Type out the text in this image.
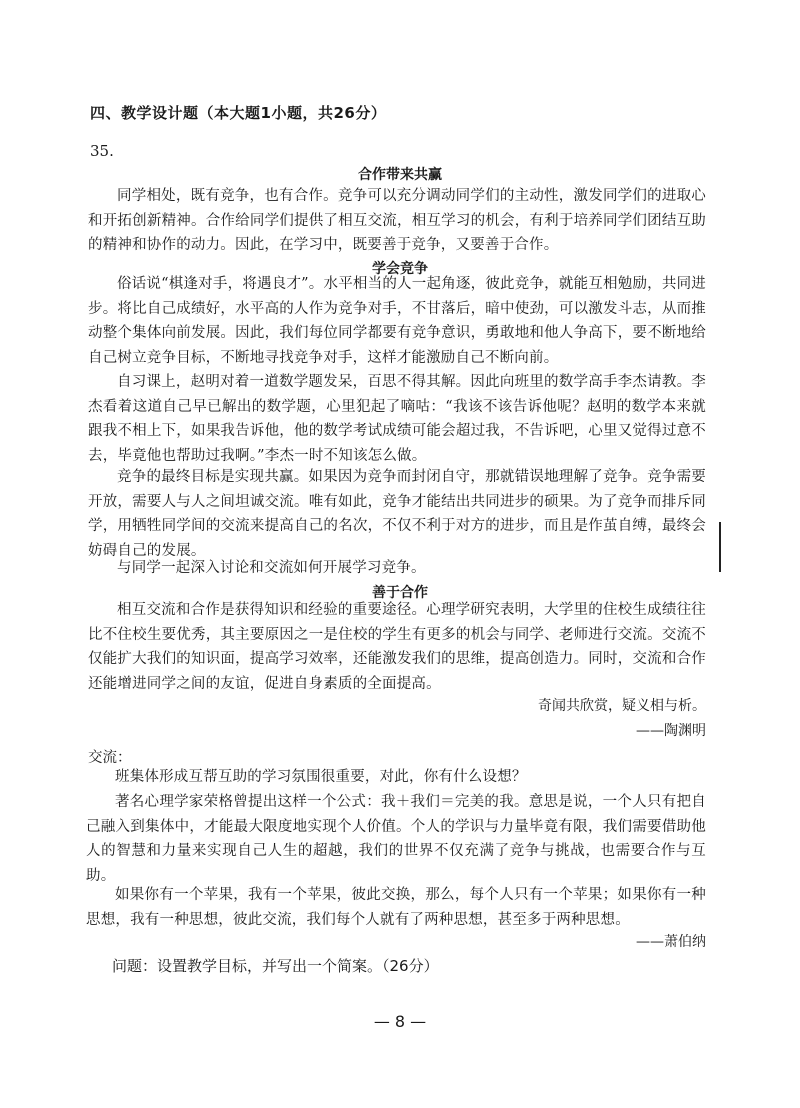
四、教学设计题（本大题1小题，共26分）
35.
合作带来共赢

同学相处，既有竞争，也有合作。竞争可以充分调动同学们的主动性，激发同学们的进取心和开拓创新精神。合作给同学们提供了相互交流，相互学习的机会，有利于培养同学们团结互助的精神和协作的动力。因此，在学习中，既要善于竞争，又要善于合作。

学会竞争

俗话说“棋逢对手，将遇良才”。水平相当的人一起角逐，彼此竞争，就能互相勉励，共同进步。将比自己成绩好，水平高的人作为竞争对手，不甘落后，暗中使劲，可以激发斗志，从而推动整个集体向前发展。因此，我们每位同学都要有竞争意识，勇敢地和他人争高下，要不断地给自己树立竞争目标，不断地寻找竞争对手，这样才能激励自己不断向前。

自习课上，赵明对着一道数学题发呆，百思不得其解。因此向班里的数学高手李杰请教。李杰看着这道自己早已解出的数学题，心里犯起了嘀咕：“我该不该告诉他呢？赵明的数学本来就跟我不相上下，如果我告诉他，他的数学考试成绩可能会超过我，不告诉吧，心里又觉得过意不去，毕竟他也帮助过我啊。”李杰一时不知该怎么做。

竞争的最终目标是实现共赢。如果因为竞争而封闭自守，那就错误地理解了竞争。竞争需要开放，需要人与人之间坦诚交流。唯有如此，竞争才能结出共同进步的硕果。为了竞争而排斥同学，用牺牲同学间的交流来提高自己的名次，不仅不利于对方的进步，而且是作茧自缚，最终会妨碍自己的发展。

与同学一起深入讨论和交流如何开展学习竞争。

善于合作

相互交流和合作是获得知识和经验的重要途径。心理学研究表明，大学里的住校生成绩往往比不住校生要优秀，其主要原因之一是住校的学生有更多的机会与同学、老师进行交流。交流不仅能扩大我们的知识面，提高学习效率，还能激发我们的思维，提高创造力。同时，交流和合作还能增进同学之间的友谊，促进自身素质的全面提高。

奇闻共欣赏，疑义相与析。
——陶渊明
交流：

班集体形成互帮互助的学习氛围很重要，对此，你有什么设想？

著名心理学家荣格曾提出这样一个公式：我＋我们＝完美的我。意思是说，一个人只有把自己融入到集体中，才能最大限度地实现个人价值。个人的学识与力量毕竟有限，我们需要借助他人的智慧和力量来实现自己人生的超越，我们的世界不仅充满了竞争与挑战，也需要合作与互助。

如果你有一个苹果，我有一个苹果，彼此交换，那么，每个人只有一个苹果；如果你有一种思想，我有一种思想，彼此交流，我们每个人就有了两种思想，甚至多于两种思想。

——萧伯纳
问题：设置教学目标，并写出一个简案。（26分）
— 8 —
